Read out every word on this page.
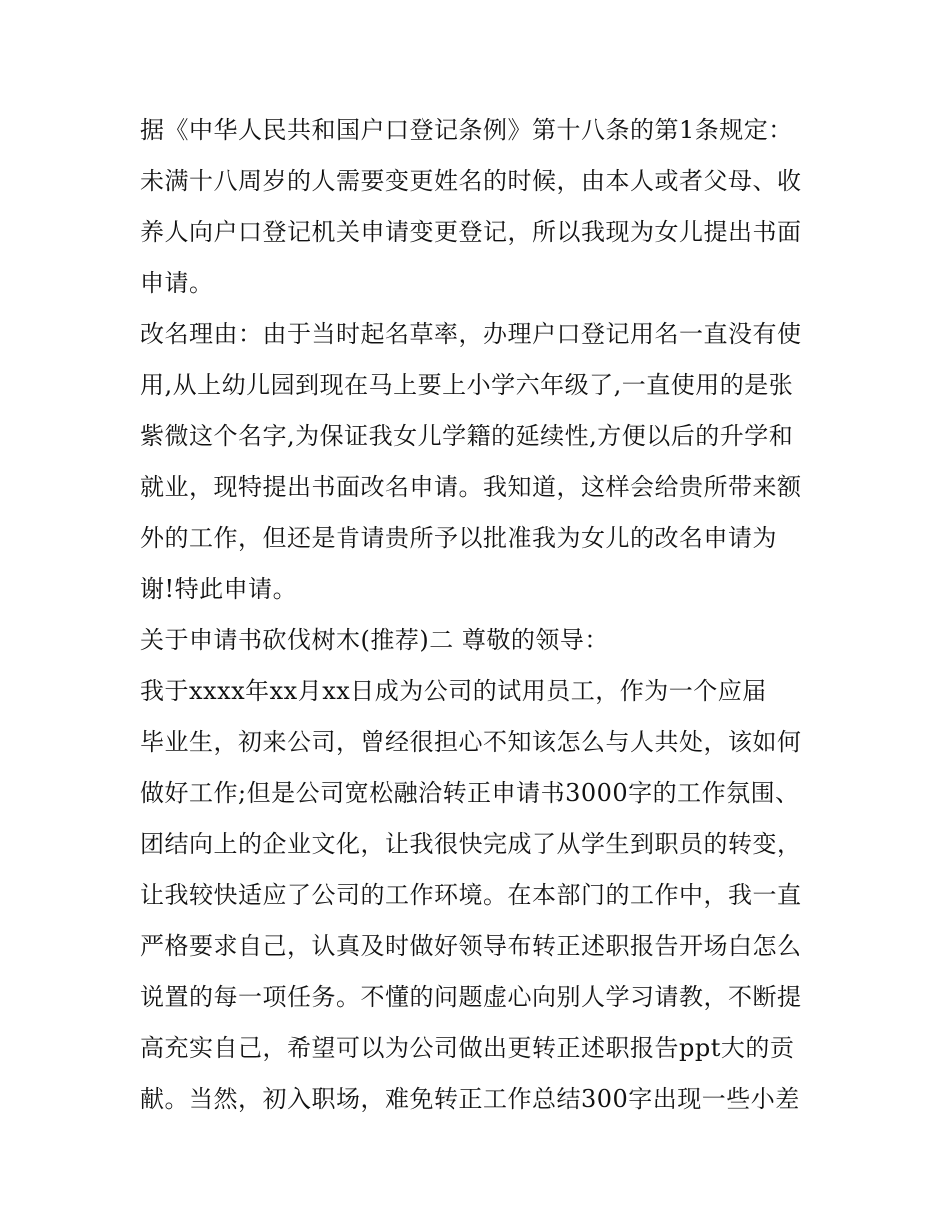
据《中华人民共和国户口登记条例》第十八条的第1条规定：
未满十八周岁的人需要变更姓名的时候，由本人或者父母、收
养人向户口登记机关申请变更登记，所以我现为女儿提出书面
申请。
改名理由：由于当时起名草率，办理户口登记用名一直没有使
用,从上幼儿园到现在马上要上小学六年级了,一直使用的是张
紫微这个名字,为保证我女儿学籍的延续性,方便以后的升学和
就业，现特提出书面改名申请。我知道，这样会给贵所带来额
外的工作，但还是肯请贵所予以批准我为女儿的改名申请为
谢!特此申请。
关于申请书砍伐树木(推荐)二 尊敬的领导：
我于xxxx年xx月xx日成为公司的试用员工，作为一个应届
毕业生，初来公司，曾经很担心不知该怎么与人共处，该如何
做好工作;但是公司宽松融洽转正申请书3000字的工作氛围、
团结向上的企业文化，让我很快完成了从学生到职员的转变，
让我较快适应了公司的工作环境。在本部门的工作中，我一直
严格要求自己，认真及时做好领导布转正述职报告开场白怎么
说置的每一项任务。不懂的问题虚心向别人学习请教，不断提
高充实自己，希望可以为公司做出更转正述职报告ppt大的贡
献。当然，初入职场，难免转正工作总结300字出现一些小差
